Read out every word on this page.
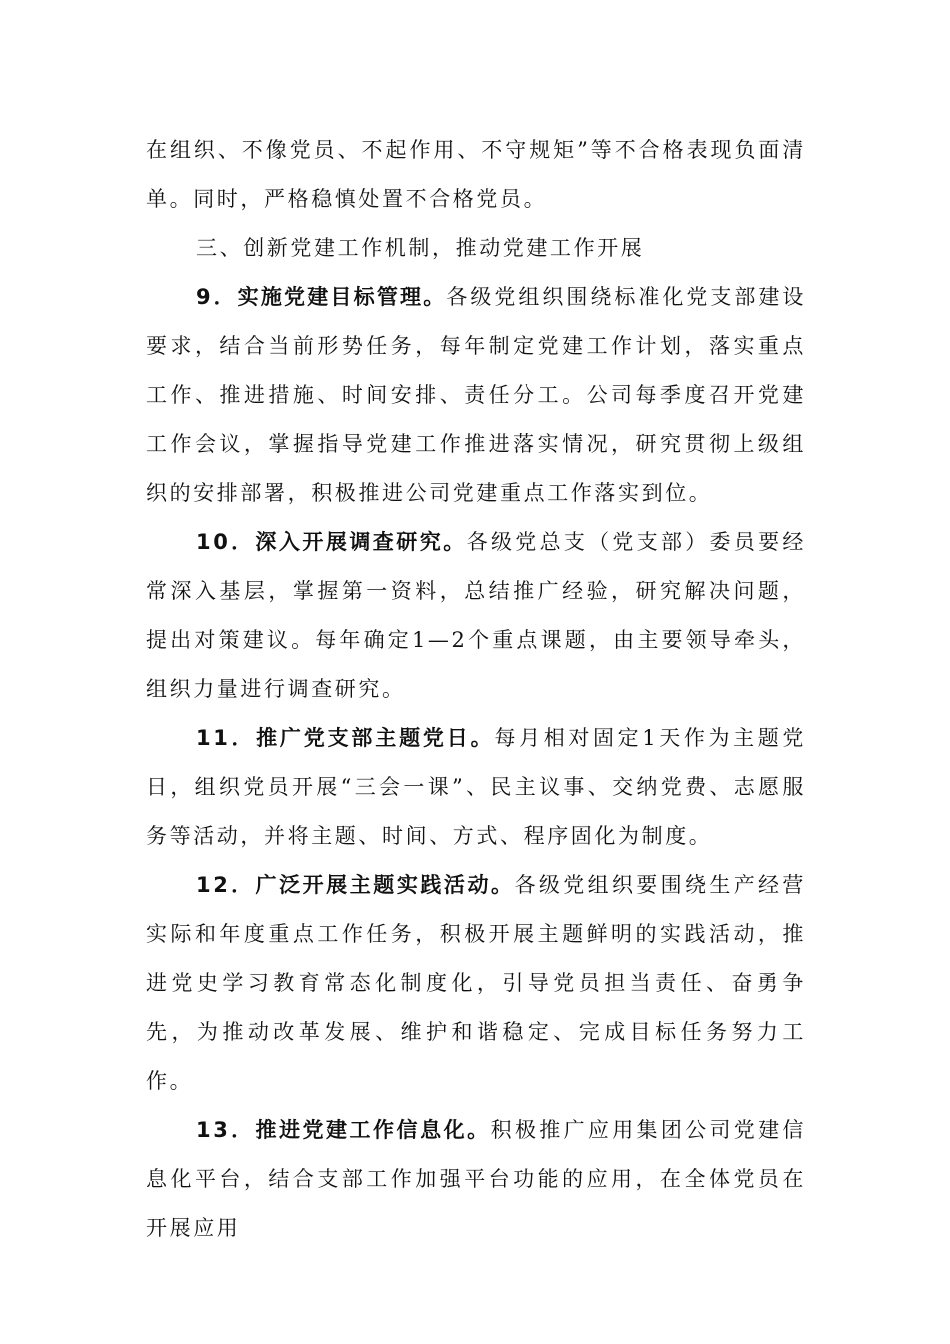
在组织、不像党员、不起作用、不守规矩”等不合格表现负面清单。同时，严格稳慎处置不合格党员。

三、创新党建工作机制，推动党建工作开展

9．实施党建目标管理。各级党组织围绕标准化党支部建设要求，结合当前形势任务，每年制定党建工作计划，落实重点工作、推进措施、时间安排、责任分工。公司每季度召开党建工作会议，掌握指导党建工作推进落实情况，研究贯彻上级组织的安排部署，积极推进公司党建重点工作落实到位。

10．深入开展调查研究。各级党总支（党支部）委员要经常深入基层，掌握第一资料，总结推广经验，研究解决问题，提出对策建议。每年确定1—2个重点课题，由主要领导牵头，组织力量进行调查研究。

11．推广党支部主题党日。每月相对固定1天作为主题党日，组织党员开展“三会一课”、民主议事、交纳党费、志愿服务等活动，并将主题、时间、方式、程序固化为制度。

12．广泛开展主题实践活动。各级党组织要围绕生产经营实际和年度重点工作任务，积极开展主题鲜明的实践活动，推进党史学习教育常态化制度化，引导党员担当责任、奋勇争先，为推动改革发展、维护和谐稳定、完成目标任务努力工作。

13．推进党建工作信息化。积极推广应用集团公司党建信息化平台，结合支部工作加强平台功能的应用，在全体党员在开展应用
